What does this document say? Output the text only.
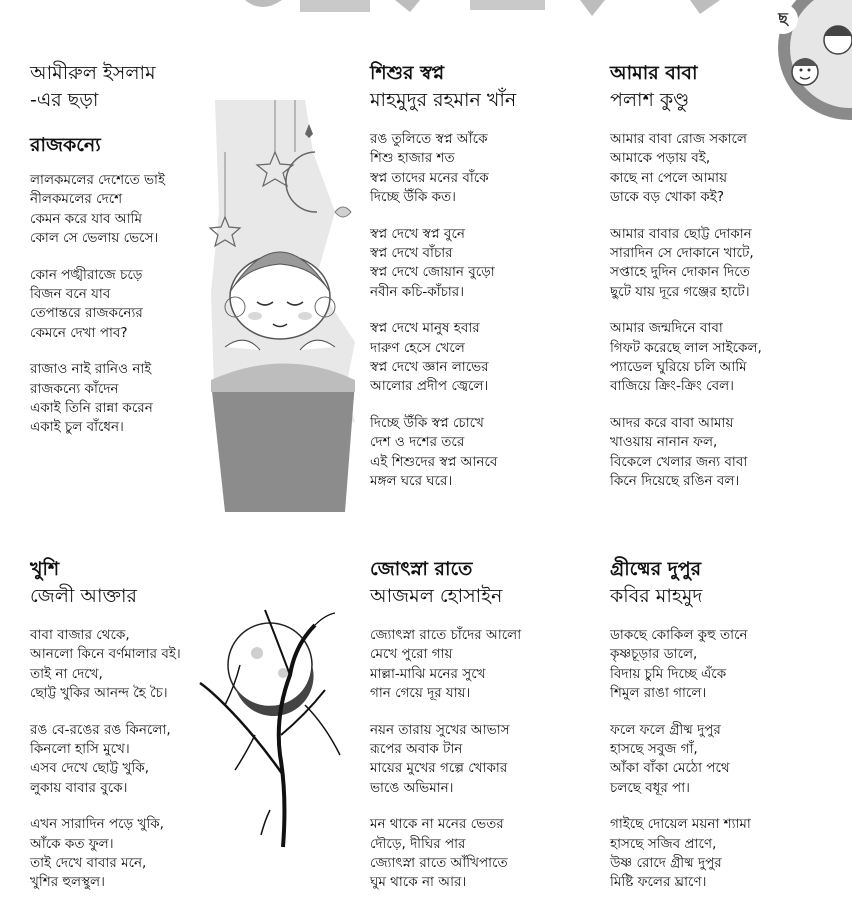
ছ
আমীরুল ইসলাম
-এর ছড়া
রাজকন্যে
লালকমলের দেশেতে ভাই
নীলকমলের দেশে
কেমন করে যাব আমি
কোল সে ভেলায় ভেসে।
কোন পঙ্খীরাজে চড়ে
বিজন বনে যাব
তেপান্তরে রাজকন্যের
কেমনে দেখা পাব?
রাজাও নাই রানিও নাই
রাজকন্যে কাঁদেন
একাই তিনি রান্না করেন
একাই চুল বাঁধেন।
শিশুর স্বপ্ন
মাহমুদুর রহমান খাঁন
রঙ তুলিতে স্বপ্ন আঁকে
শিশু হাজার শত
স্বপ্ন তাদের মনের বাঁকে
দিচ্ছে উঁকি কত।
স্বপ্ন দেখে স্বপ্ন বুনে
স্বপ্ন দেখে বাঁচার
স্বপ্ন দেখে জোয়ান বুড়ো
নবীন কচি-কাঁচার।
স্বপ্ন দেখে মানুষ হবার
দারুণ হেসে খেলে
স্বপ্ন দেখে জ্ঞান লাভের
আলোর প্রদীপ জ্বেলে।
দিচ্ছে উঁকি স্বপ্ন চোখে
দেশ ও দশের তরে
এই শিশুদের স্বপ্ন আনবে
মঙ্গল ঘরে ঘরে।
আমার বাবা
পলাশ কুণ্ডু
আমার বাবা রোজ সকালে
আমাকে পড়ায় বই,
কাছে না পেলে আমায়
ডাকে বড় খোকা কই?
আমার বাবার ছোট্ট দোকান
সারাদিন সে দোকানে খাটে,
সপ্তাহে দুদিন দোকান দিতে
ছুটে যায় দূরে গঞ্জের হাটে।
আমার জন্মদিনে বাবা
গিফট করেছে লাল সাইকেল,
প্যাডেল ঘুরিয়ে চলি আমি
বাজিয়ে ক্রিং-ক্রিং বেল।
আদর করে বাবা আমায়
খাওয়ায় নানান ফল,
বিকেলে খেলার জন্য বাবা
কিনে দিয়েছে রঙিন বল।
খুশি
জেলী আক্তার
বাবা বাজার থেকে,
আনলো কিনে বর্ণমালার বই।
তাই না দেখে,
ছোট্ট খুকির আনন্দ হৈ চৈ।
রঙ বে-রঙের রঙ কিনলো,
কিনলো হাসি মুখে।
এসব দেখে ছোট্ট খুকি,
লুকায় বাবার বুকে।
এখন সারাদিন পড়ে খুকি,
আঁকে কত ফুল।
তাই দেখে বাবার মনে,
খুশির হুলস্থুল।
জোৎস্না রাতে
আজমল হোসাইন
জ্যোৎস্না রাতে চাঁদের আলো
মেখে পুরো গায়
মাল্লা-মাঝি মনের সুখে
গান গেয়ে দূর যায়।
নয়ন তারায় সুখের আভাস
রূপের অবাক টান
মায়ের মুখের গল্পে খোকার
ভাঙে অভিমান।
মন থাকে না মনের ভেতর
দৌড়ে, দীঘির পার
জ্যোৎস্না রাতে আঁখিপাতে
ঘুম থাকে না আর।
গ্রীষ্মের দুপুর
কবির মাহমুদ
ডাকছে কোকিল কুহু তানে
কৃষ্ণচূড়ার ডালে,
বিদায় চুমি দিচ্ছে এঁকে
শিমুল রাঙা গালে।
ফলে ফলে গ্রীষ্ম দুপুর
হাসছে সবুজ গাঁ,
আঁকা বাঁকা মেঠো পথে
চলছে বধূর পা।
গাইছে দোয়েল ময়না শ্যামা
হাসছে সজিব প্রাণে,
উষ্ণ রোদে গ্রীষ্ম দুপুর
মিষ্টি ফলের ঘ্রাণে।
